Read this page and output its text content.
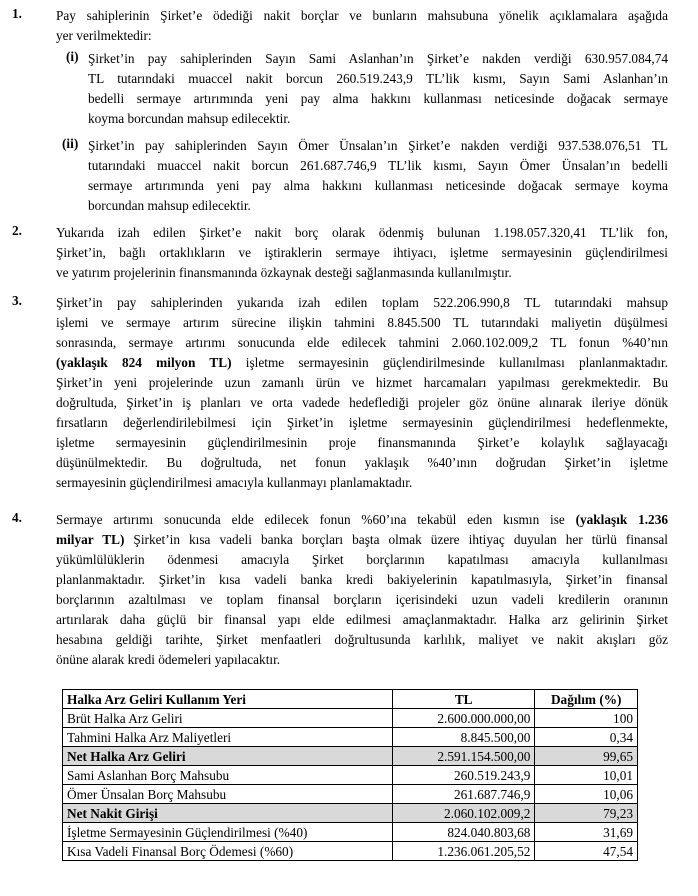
1.	Pay sahiplerinin Şirket’e ödediği nakit borçlar ve bunların mahsubuna yönelik açıklamalara aşağıda
yer verilmektedir:
(i) Şirket’in pay sahiplerinden Sayın Sami Aslanhan’ın Şirket’e nakden verdiği 630.957.084,74
TL tutarındaki muaccel nakit borcun 260.519.243,9 TL’lik kısmı, Sayın Sami Aslanhan’ın
bedelli sermaye artırımında yeni pay alma hakkını kullanması neticesinde doğacak sermaye
koyma borcundan mahsup edilecektir.
(ii) Şirket’in pay sahiplerinden Sayın Ömer Ünsalan’ın Şirket’e nakden verdiği 937.538.076,51 TL
tutarındaki muaccel nakit borcun 261.687.746,9 TL’lik kısmı, Sayın Ömer Ünsalan’ın bedelli
sermaye artırımında yeni pay alma hakkını kullanması neticesinde doğacak sermaye koyma
borcundan mahsup edilecektir.
2.	Yukarıda izah edilen Şirket’e nakit borç olarak ödenmiş bulunan 1.198.057.320,41 TL’lik fon,
Şirket’in, bağlı ortaklıkların ve iştiraklerin sermaye ihtiyacı, işletme sermayesinin güçlendirilmesi
ve yatırım projelerinin finansmanında özkaynak desteği sağlanmasında kullanılmıştır.
3.	Şirket’in pay sahiplerinden yukarıda izah edilen toplam 522.206.990,8 TL tutarındaki mahsup
işlemi ve sermaye artırım sürecine ilişkin tahmini 8.845.500 TL tutarındaki maliyetin düşülmesi
sonrasında, sermaye artırımı sonucunda elde edilecek tahmini 2.060.102.009,2 TL fonun %40’nın
(yaklaşık 824 milyon TL) işletme sermayesinin güçlendirilmesinde kullanılması planlanmaktadır.
Şirket’in yeni projelerinde uzun zamanlı ürün ve hizmet harcamaları yapılması gerekmektedir. Bu
doğrultuda, Şirket’in iş planları ve orta vadede hedeflediği projeler göz önüne alınarak ileriye dönük
fırsatların değerlendirilebilmesi için Şirket’in işletme sermayesinin güçlendirilmesi hedeflenmekte,
işletme sermayesinin güçlendirilmesinin proje finansmanında Şirket’e kolaylık sağlayacağı
düşünülmektedir. Bu doğrultuda, net fonun yaklaşık %40’ının doğrudan Şirket’in işletme
sermayesinin güçlendirilmesi amacıyla kullanmayı planlamaktadır.
4.	Sermaye artırımı sonucunda elde edilecek fonun %60’ına tekabül eden kısmın ise (yaklaşık 1.236
milyar TL) Şirket’in kısa vadeli banka borçları başta olmak üzere ihtiyaç duyulan her türlü finansal
yükümlülüklerin ödenmesi amacıyla Şirket borçlarının kapatılması amacıyla kullanılması
planlanmaktadır. Şirket’in kısa vadeli banka kredi bakiyelerinin kapatılmasıyla, Şirket’in finansal
borçlarının azaltılması ve toplam finansal borçların içerisindeki uzun vadeli kredilerin oranının
artırılarak daha güçlü bir finansal yapı elde edilmesi amaçlanmaktadır. Halka arz gelirinin Şirket
hesabına geldiği tarihte, Şirket menfaatleri doğrultusunda karlılık, maliyet ve nakit akışları göz
önüne alarak kredi ödemeleri yapılacaktır.
Halka Arz Geliri Kullanım Yeri	TL	Dağılım (%)
Brüt Halka Arz Geliri	2.600.000.000,00	100
Tahmini Halka Arz Maliyetleri	8.845.500,00	0,34
Net Halka Arz Geliri	2.591.154.500,00	99,65
Sami Aslanhan Borç Mahsubu	260.519.243,9	10,01
Ömer Ünsalan Borç Mahsubu	261.687.746,9	10,06
Net Nakit Girişi	2.060.102.009,2	79,23
İşletme Sermayesinin Güçlendirilmesi (%40)	824.040.803,68	31,69
Kısa Vadeli Finansal Borç Ödemesi (%60)	1.236.061.205,52	47,54
